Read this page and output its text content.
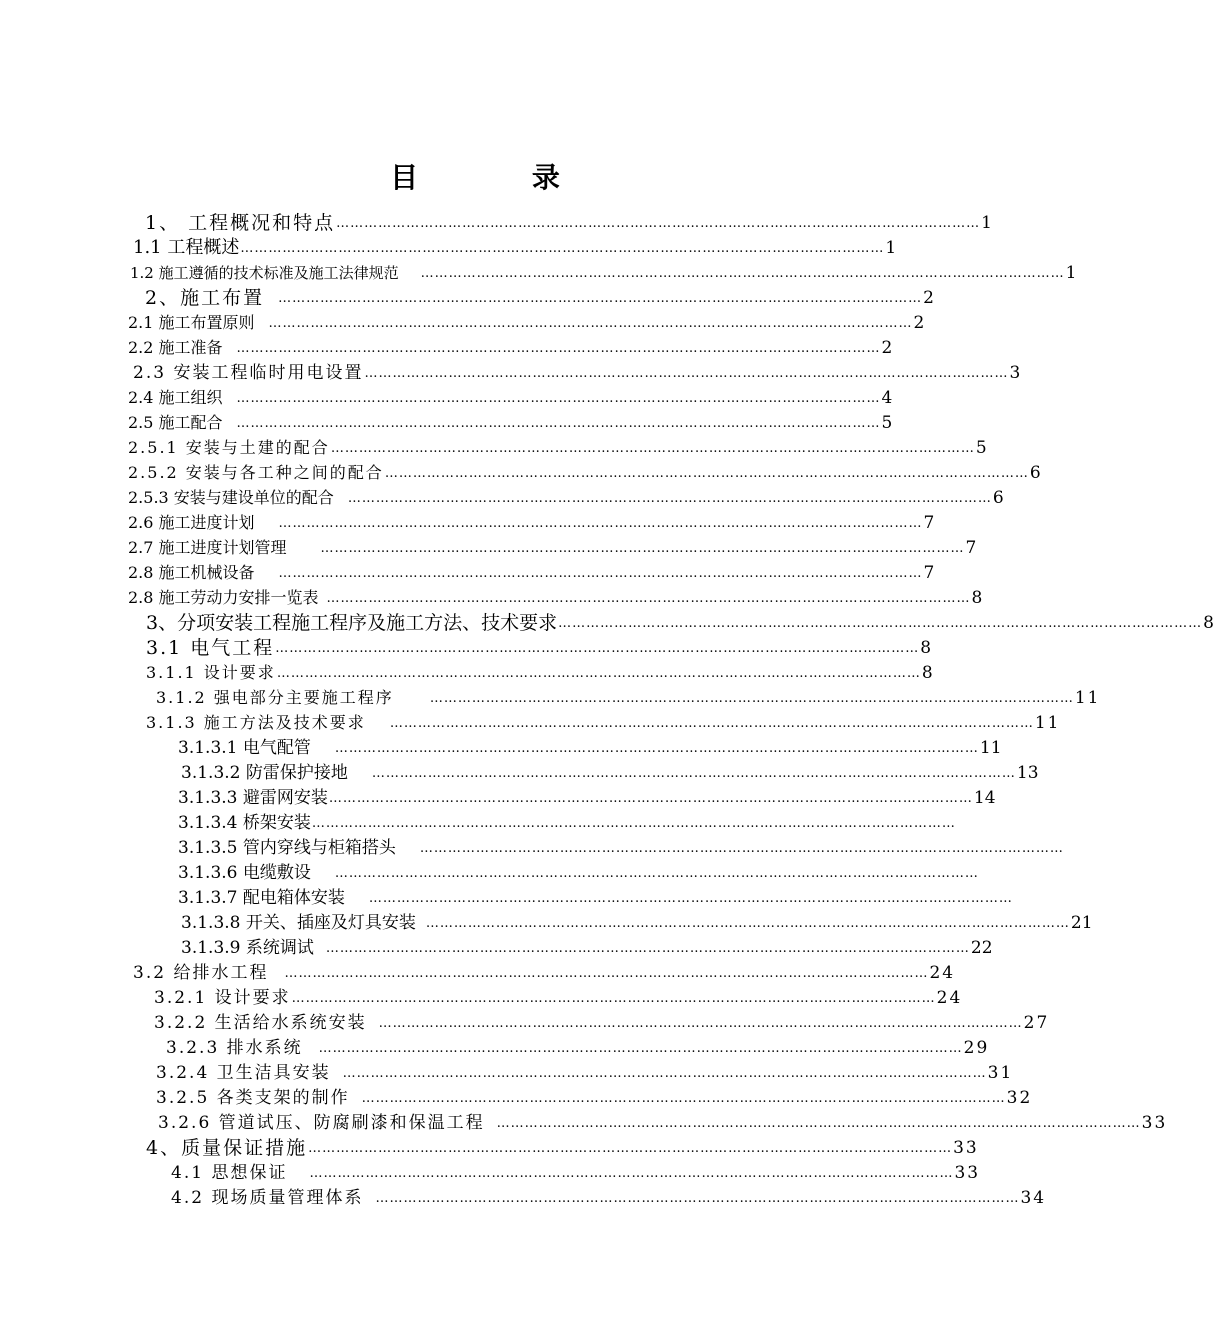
目 录
1、 工程概况和特点 ………………………………………………………………………………………………………………………… 1
1.1 工程概述 ………………………………………………………………………………………………………………………… 1
1.2 施工遵循的技术标准及施工法律规范	………………………………………………………………………………………………………………………… 1
2、施工布置	………………………………………………………………………………………………………………………… 2
2.1 施工布置原则	………………………………………………………………………………………………………………………… 2
2.2 施工准备	………………………………………………………………………………………………………………………… 2
2.3 安装工程临时用电设置 ………………………………………………………………………………………………………………………… 3
2.4 施工组织	………………………………………………………………………………………………………………………… 4
2.5 施工配合	………………………………………………………………………………………………………………………… 5
2.5.1 安装与土建的配合 ………………………………………………………………………………………………………………………… 5
2.5.2 安装与各工种之间的配合 ………………………………………………………………………………………………………………………… 6
2.5.3 安装与建设单位的配合	………………………………………………………………………………………………………………………… 6
2.6 施工进度计划	………………………………………………………………………………………………………………………… 7
2.7 施工进度计划管理	………………………………………………………………………………………………………………………… 7
2.8 施工机械设备	………………………………………………………………………………………………………………………… 7
2.8 施工劳动力安排一览表 ………………………………………………………………………………………………………………………… 8
3、分项安装工程施工程序及施工方法、技术要求 ………………………………………………………………………………………………………………………… 8
3.1 电气工程 ………………………………………………………………………………………………………………………… 8
3.1.1 设计要求 ………………………………………………………………………………………………………………………… 8
3.1.2 强电部分主要施工程序	………………………………………………………………………………………………………………………… 11
3.1.3 施工方法及技术要求	………………………………………………………………………………………………………………………… 11
3.1.3.1 电气配管	………………………………………………………………………………………………………………………… 11
3.1.3.2 防雷保护接地	………………………………………………………………………………………………………………………… 13
3.1.3.3 避雷网安装 ………………………………………………………………………………………………………………………… 14
3.1.3.4 桥架安装 …………………………………………………………………………………………………………………………
3.1.3.5 管内穿线与柜箱搭头	…………………………………………………………………………………………………………………………
3.1.3.6 电缆敷设	…………………………………………………………………………………………………………………………
3.1.3.7 配电箱体安装	…………………………………………………………………………………………………………………………
3.1.3.8 开关、插座及灯具安装 ………………………………………………………………………………………………………………………… 21
3.1.3.9 系统调试 ………………………………………………………………………………………………………………………… 22
3.2 给排水工程	………………………………………………………………………………………………………………………… 24
3.2.1 设计要求 ………………………………………………………………………………………………………………………… 24
3.2.2 生活给水系统安装 ………………………………………………………………………………………………………………………… 27
3.2.3 排水系统	………………………………………………………………………………………………………………………… 29
3.2.4 卫生洁具安装 ………………………………………………………………………………………………………………………… 31
3.2.5 各类支架的制作 ………………………………………………………………………………………………………………………… 32
3.2.6 管道试压、防腐刷漆和保温工程 ………………………………………………………………………………………………………………………… 33
4、质量保证措施 ………………………………………………………………………………………………………………………… 33
4.1 思想保证	………………………………………………………………………………………………………………………… 33
4.2 现场质量管理体系 ………………………………………………………………………………………………………………………… 34
